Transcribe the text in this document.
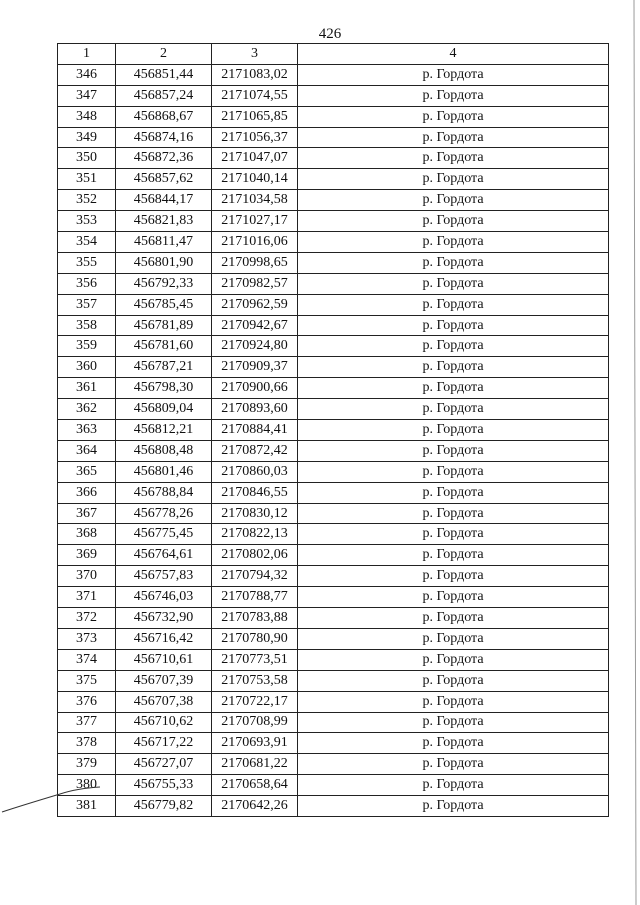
426
1	2	3	4
346	456851,44	2171083,02	р. Гордота
347	456857,24	2171074,55	р. Гордота
348	456868,67	2171065,85	р. Гордота
349	456874,16	2171056,37	р. Гордота
350	456872,36	2171047,07	р. Гордота
351	456857,62	2171040,14	р. Гордота
352	456844,17	2171034,58	р. Гордота
353	456821,83	2171027,17	р. Гордота
354	456811,47	2171016,06	р. Гордота
355	456801,90	2170998,65	р. Гордота
356	456792,33	2170982,57	р. Гордота
357	456785,45	2170962,59	р. Гордота
358	456781,89	2170942,67	р. Гордота
359	456781,60	2170924,80	р. Гордота
360	456787,21	2170909,37	р. Гордота
361	456798,30	2170900,66	р. Гордота
362	456809,04	2170893,60	р. Гордота
363	456812,21	2170884,41	р. Гордота
364	456808,48	2170872,42	р. Гордота
365	456801,46	2170860,03	р. Гордота
366	456788,84	2170846,55	р. Гордота
367	456778,26	2170830,12	р. Гордота
368	456775,45	2170822,13	р. Гордота
369	456764,61	2170802,06	р. Гордота
370	456757,83	2170794,32	р. Гордота
371	456746,03	2170788,77	р. Гордота
372	456732,90	2170783,88	р. Гордота
373	456716,42	2170780,90	р. Гордота
374	456710,61	2170773,51	р. Гордота
375	456707,39	2170753,58	р. Гордота
376	456707,38	2170722,17	р. Гордота
377	456710,62	2170708,99	р. Гордота
378	456717,22	2170693,91	р. Гордота
379	456727,07	2170681,22	р. Гордота
380	456755,33	2170658,64	р. Гордота
381	456779,82	2170642,26	р. Гордота
